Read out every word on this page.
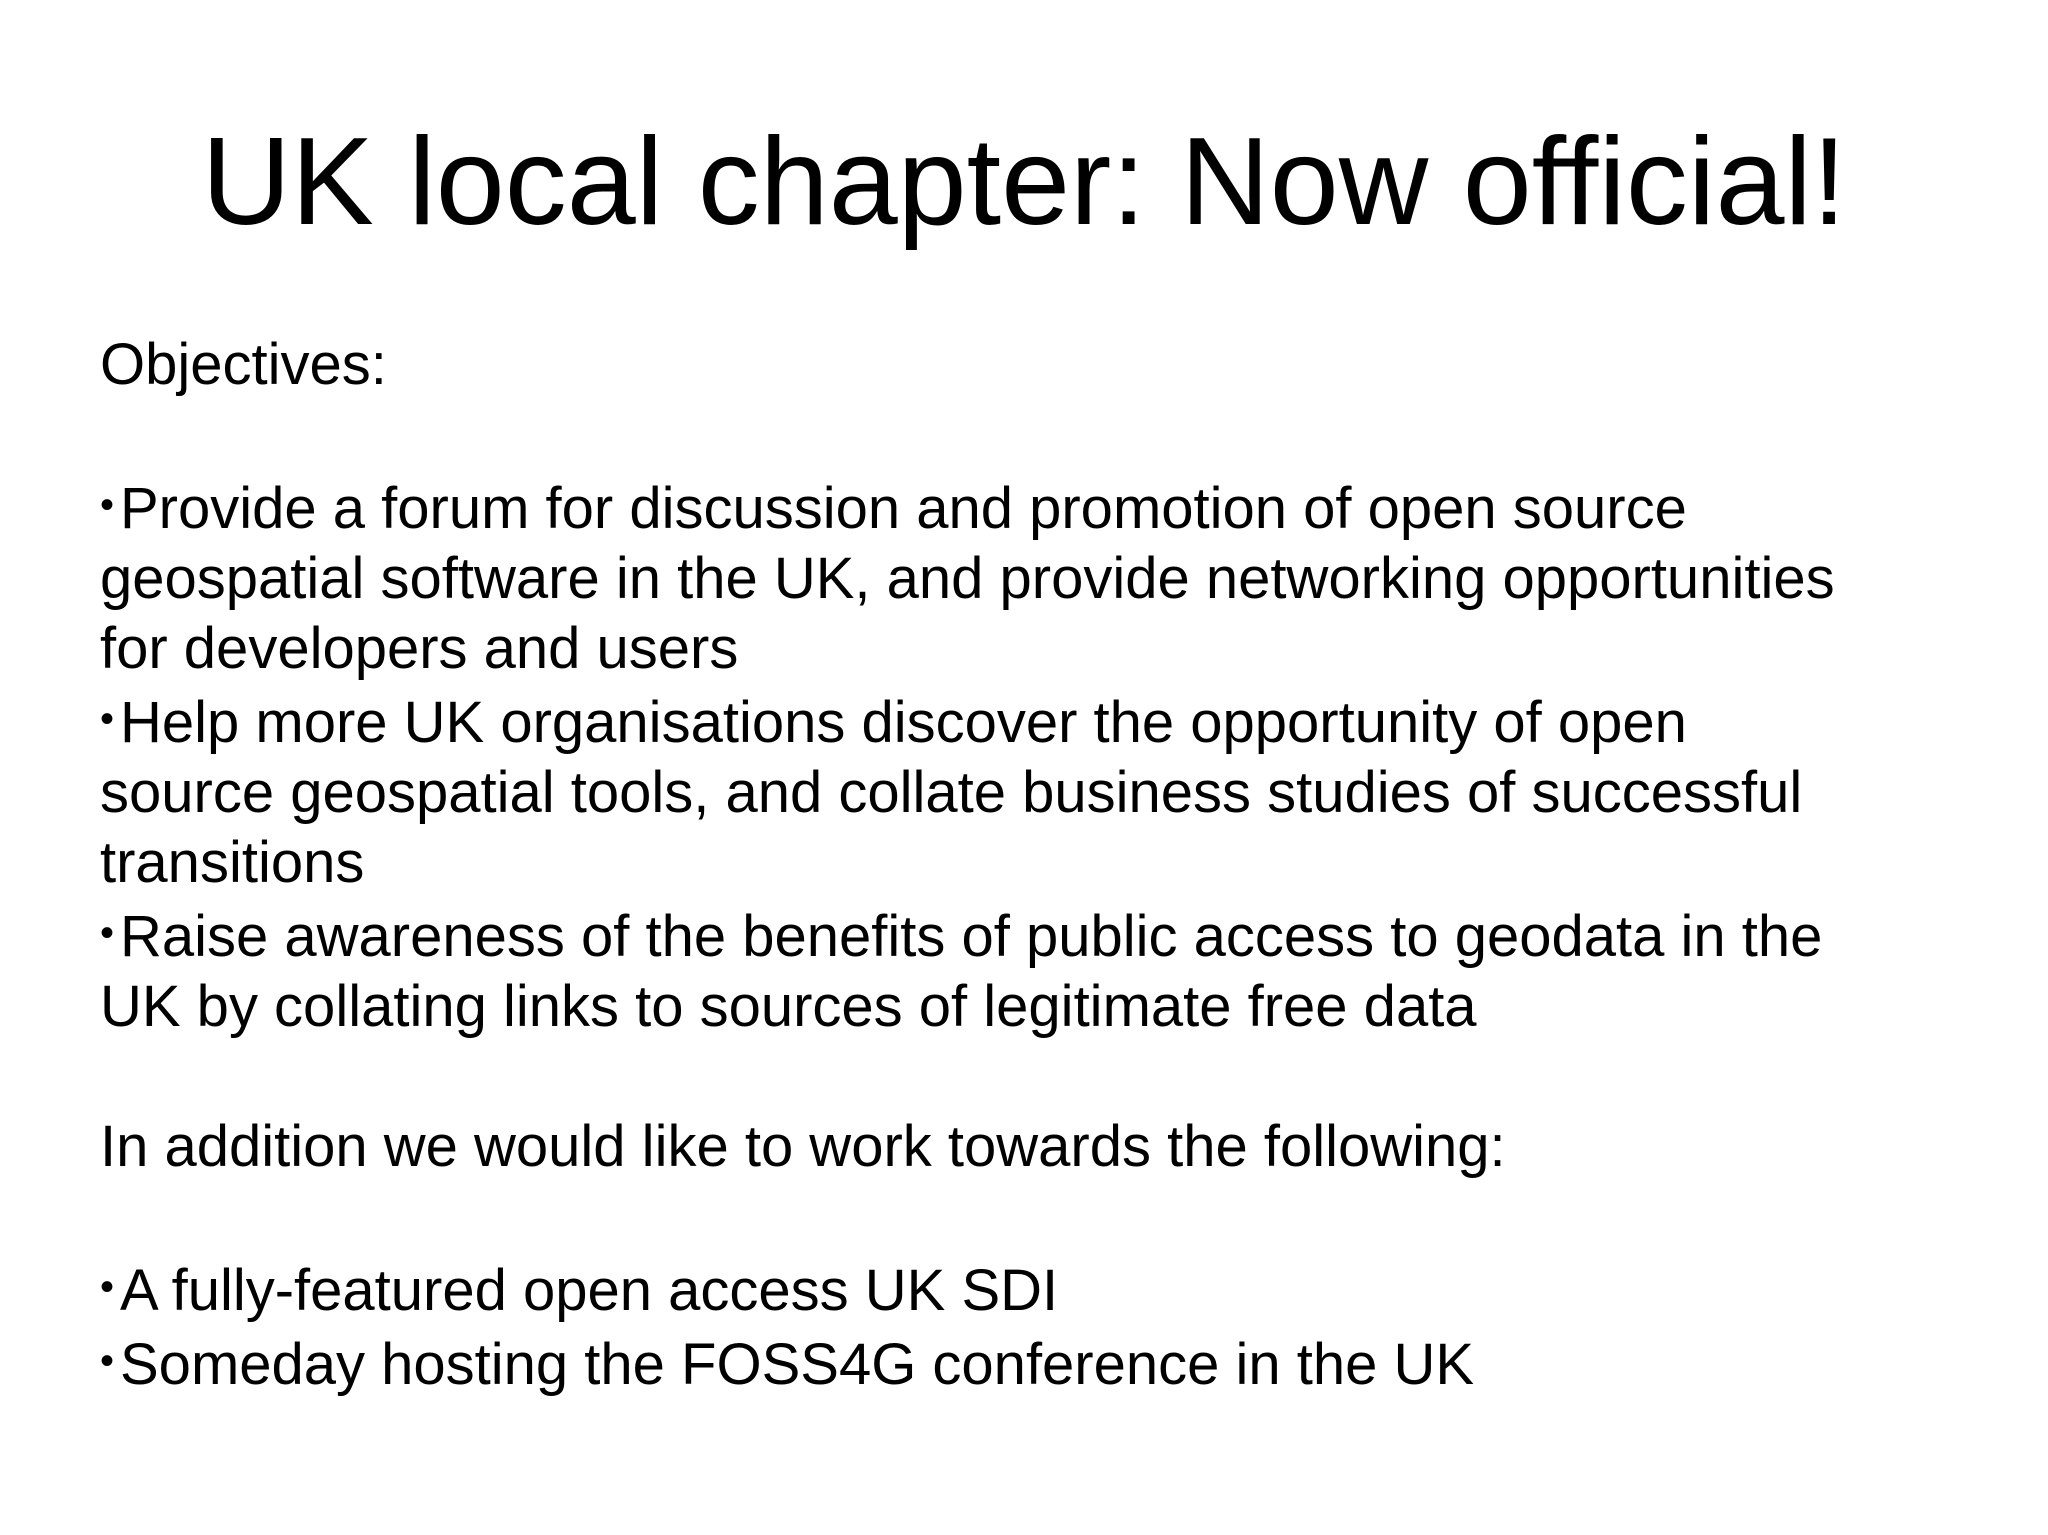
UK local chapter: Now official!
Objectives:
• Provide a forum for discussion and promotion of open source
geospatial software in the UK, and provide networking opportunities
for developers and users
• Help more UK organisations discover the opportunity of open
source geospatial tools, and collate business studies of successful
transitions
• Raise awareness of the benefits of public access to geodata in the
UK by collating links to sources of legitimate free data
In addition we would like to work towards the following:
• A fully-featured open access UK SDI
• Someday hosting the FOSS4G conference in the UK
